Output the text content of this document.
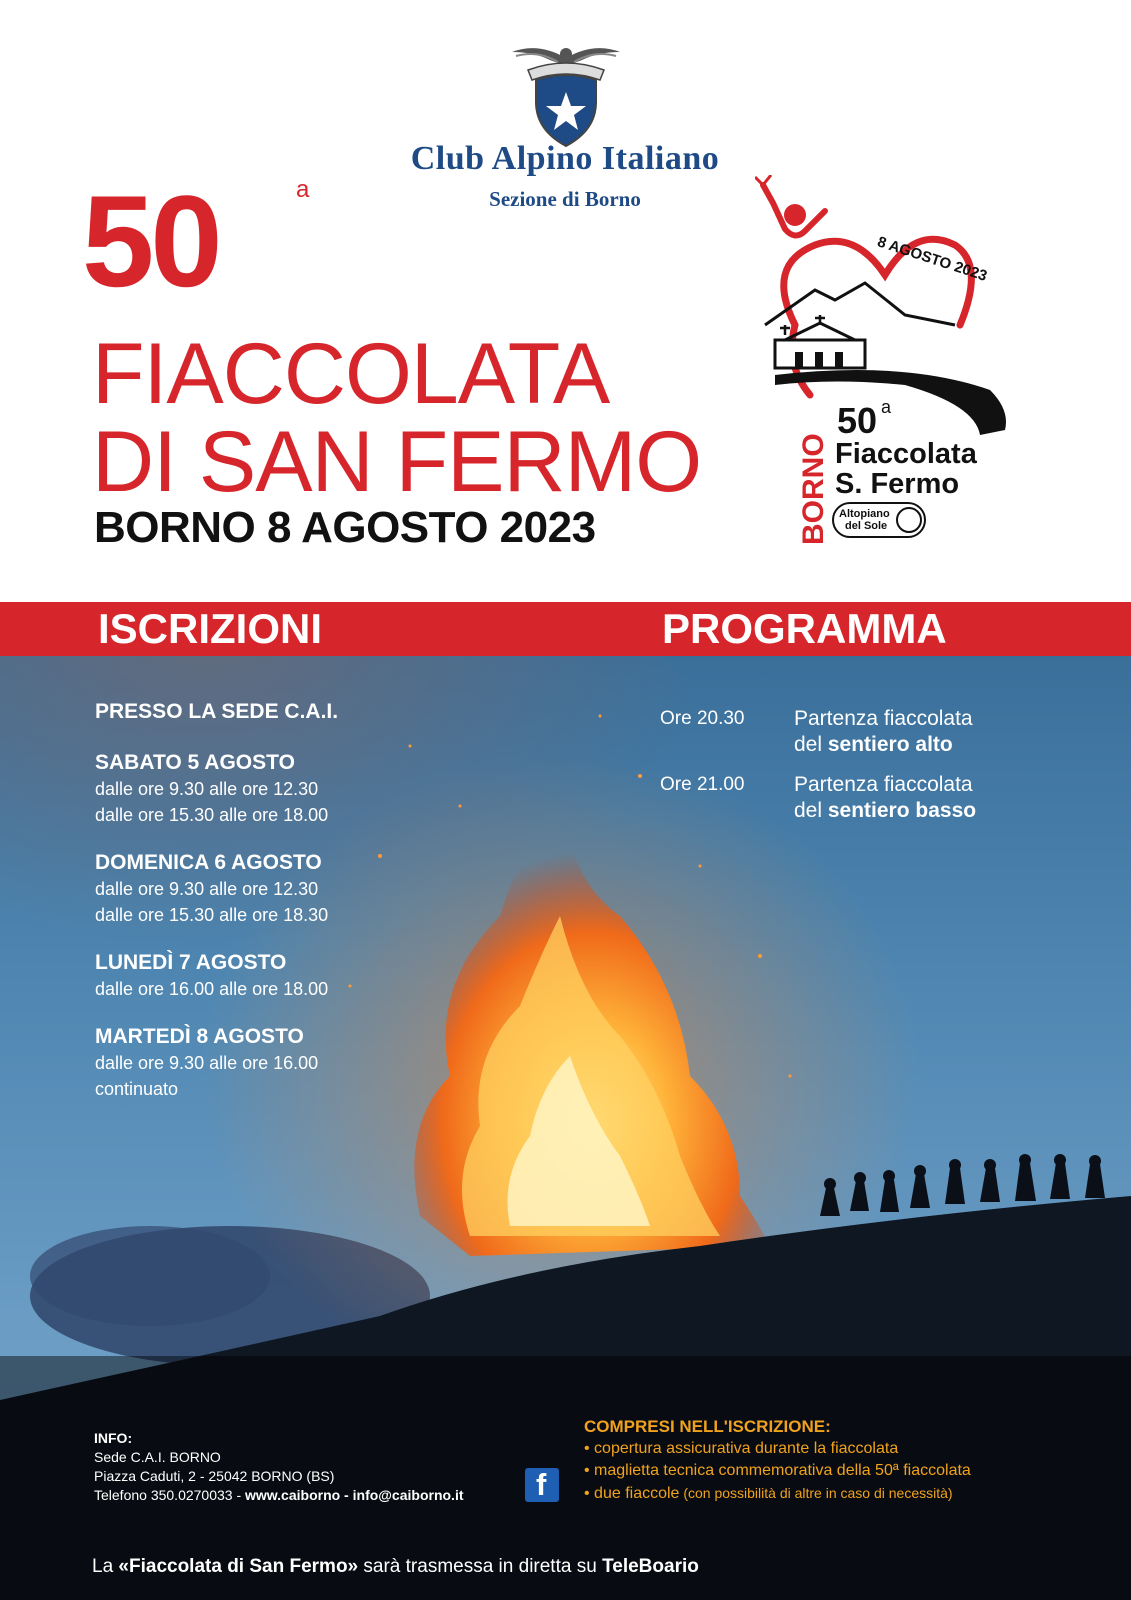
Club Alpino Italiano
Sezione di Borno
50	a
FIACCOLATA
DI SAN FERMO
BORNO 8 AGOSTO 2023
8 AGOSTO 2023
BORNO
50 a
Fiaccolata
S. Fermo
Altopiano
del Sole
ISCRIZIONI	PROGRAMMA
PRESSO LA SEDE C.A.I.
SABATO 5 AGOSTO
dalle ore 9.30 alle ore 12.30
dalle ore 15.30 alle ore 18.00
DOMENICA 6 AGOSTO
dalle ore 9.30 alle ore 12.30
dalle ore 15.30 alle ore 18.30
LUNEDÌ 7 AGOSTO
dalle ore 16.00 alle ore 18.00
MARTEDÌ 8 AGOSTO
dalle ore 9.30 alle ore 16.00
continuato
Ore 20.30	Partenza fiaccolata
del sentiero alto
Ore 21.00	Partenza fiaccolata
del sentiero basso
INFO:
Sede C.A.I. BORNO
Piazza Caduti, 2 - 25042 BORNO (BS)
Telefono 350.0270033 - www.caiborno - info@caiborno.it	f
COMPRESI NELL'ISCRIZIONE:
• copertura assicurativa durante la fiaccolata
• maglietta tecnica commemorativa della 50ª fiaccolata
• due fiaccole (con possibilità di altre in caso di necessità)
La «Fiaccolata di San Fermo» sarà trasmessa in diretta su TeleBoario
